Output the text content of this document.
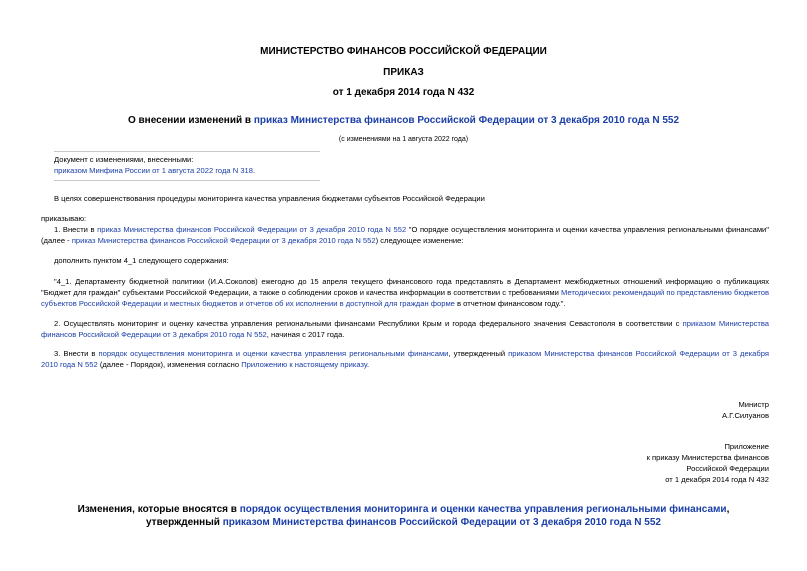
МИНИСТЕРСТВО ФИНАНСОВ РОССИЙСКОЙ ФЕДЕРАЦИИ
ПРИКАЗ
от 1 декабря 2014 года N 432
О внесении изменений в приказ Министерства финансов Российской Федерации от 3 декабря 2010 года N 552
(с изменениями на 1 августа 2022 года)
Документ с изменениями, внесенными:
приказом Минфина России от 1 августа 2022 года N 318.
В целях совершенствования процедуры мониторинга качества управления бюджетами субъектов Российской Федерации
приказываю:
1. Внести в приказ Министерства финансов Российской Федерации от 3 декабря 2010 года N 552 "О порядке осуществления мониторинга и оценки качества управления региональными финансами" (далее - приказ Министерства финансов Российской Федерации от 3 декабря 2010 года N 552) следующее изменение:
дополнить пунктом 4_1 следующего содержания:
"4_1. Департаменту бюджетной политики (И.А.Соколов) ежегодно до 15 апреля текущего финансового года представлять в Департамент межбюджетных отношений информацию о публикациях "Бюджет для граждан" субъектами Российской Федерации, а также о соблюдении сроков и качества информации в соответствии с требованиями Методических рекомендаций по представлению бюджетов субъектов Российской Федерации и местных бюджетов и отчетов об их исполнении в доступной для граждан форме в отчетном финансовом году.".
2. Осуществлять мониторинг и оценку качества управления региональными финансами Республики Крым и города федерального значения Севастополя в соответствии с приказом Министерства финансов Российской Федерации от 3 декабря 2010 года N 552, начиная с 2017 года.
3. Внести в порядок осуществления мониторинга и оценки качества управления региональными финансами, утвержденный приказом Министерства финансов Российской Федерации от 3 декабря 2010 года N 552 (далее - Порядок), изменения согласно Приложению к настоящему приказу.
Министр
А.Г.Силуанов
Приложение
к приказу Министерства финансов
Российской Федерации
от 1 декабря 2014 года N 432
Изменения, которые вносятся в порядок осуществления мониторинга и оценки качества управления региональными финансами, утвержденный приказом Министерства финансов Российской Федерации от 3 декабря 2010 года N 552
